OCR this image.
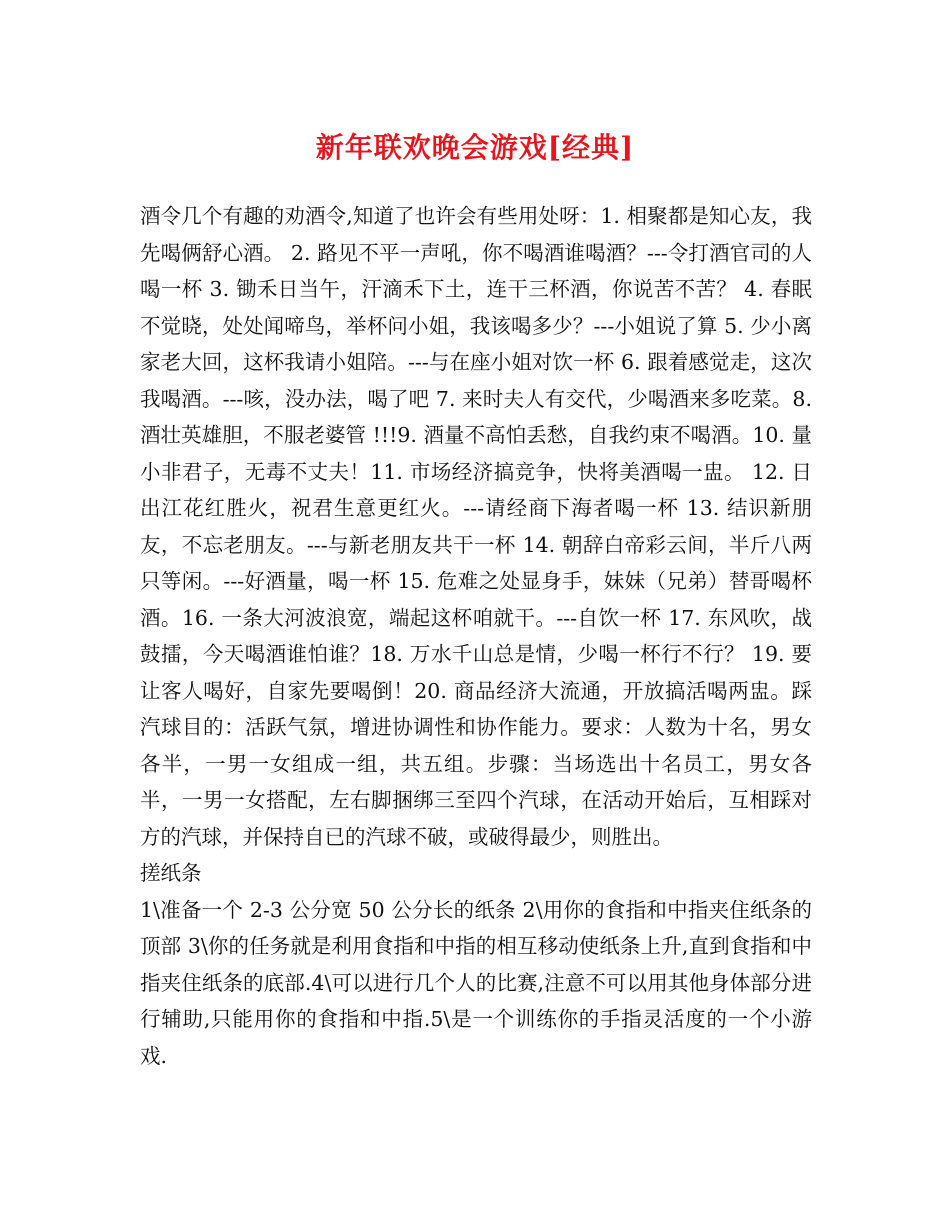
新年联欢晚会游戏[经典]

酒令几个有趣的劝酒令,知道了也许会有些用处呀：1. 相聚都是知心友，我先喝俩舒心酒。 2. 路见不平一声吼，你不喝酒谁喝酒？---令打酒官司的人喝一杯 3. 锄禾日当午，汗滴禾下土，连干三杯酒，你说苦不苦？ 4. 春眠不觉晓，处处闻啼鸟，举杯问小姐，我该喝多少？---小姐说了算 5. 少小离家老大回，这杯我请小姐陪。---与在座小姐对饮一杯 6. 跟着感觉走，这次我喝酒。---咳，没办法，喝了吧 7. 来时夫人有交代，少喝酒来多吃菜。8. 酒壮英雄胆，不服老婆管 !!!9. 酒量不高怕丢愁，自我约束不喝酒。10. 量小非君子，无毒不丈夫！11. 市场经济搞竞争，快将美酒喝一盅。 12. 日出江花红胜火，祝君生意更红火。---请经商下海者喝一杯 13. 结识新朋友，不忘老朋友。---与新老朋友共干一杯 14. 朝辞白帝彩云间，半斤八两只等闲。---好酒量，喝一杯 15. 危难之处显身手，妹妹（兄弟）替哥喝杯酒。16. 一条大河波浪宽，端起这杯咱就干。---自饮一杯 17. 东风吹，战鼓擂，今天喝酒谁怕谁？18. 万水千山总是情，少喝一杯行不行？ 19. 要让客人喝好，自家先要喝倒！20. 商品经济大流通，开放搞活喝两盅。踩汽球目的：活跃气氛，增进协调性和协作能力。要求：人数为十名，男女各半，一男一女组成一组，共五组。步骤：当场选出十名员工，男女各半，一男一女搭配，左右脚捆绑三至四个汽球，在活动开始后，互相踩对方的汽球，并保持自已的汽球不破，或破得最少，则胜出。

搓纸条

1\准备一个 2-3 公分宽 50 公分长的纸条 2\用你的食指和中指夹住纸条的顶部 3\你的任务就是利用食指和中指的相互移动使纸条上升,直到食指和中指夹住纸条的底部.4\可以进行几个人的比赛,注意不可以用其他身体部分进行辅助,只能用你的食指和中指.5\是一个训练你的手指灵活度的一个小游戏.
